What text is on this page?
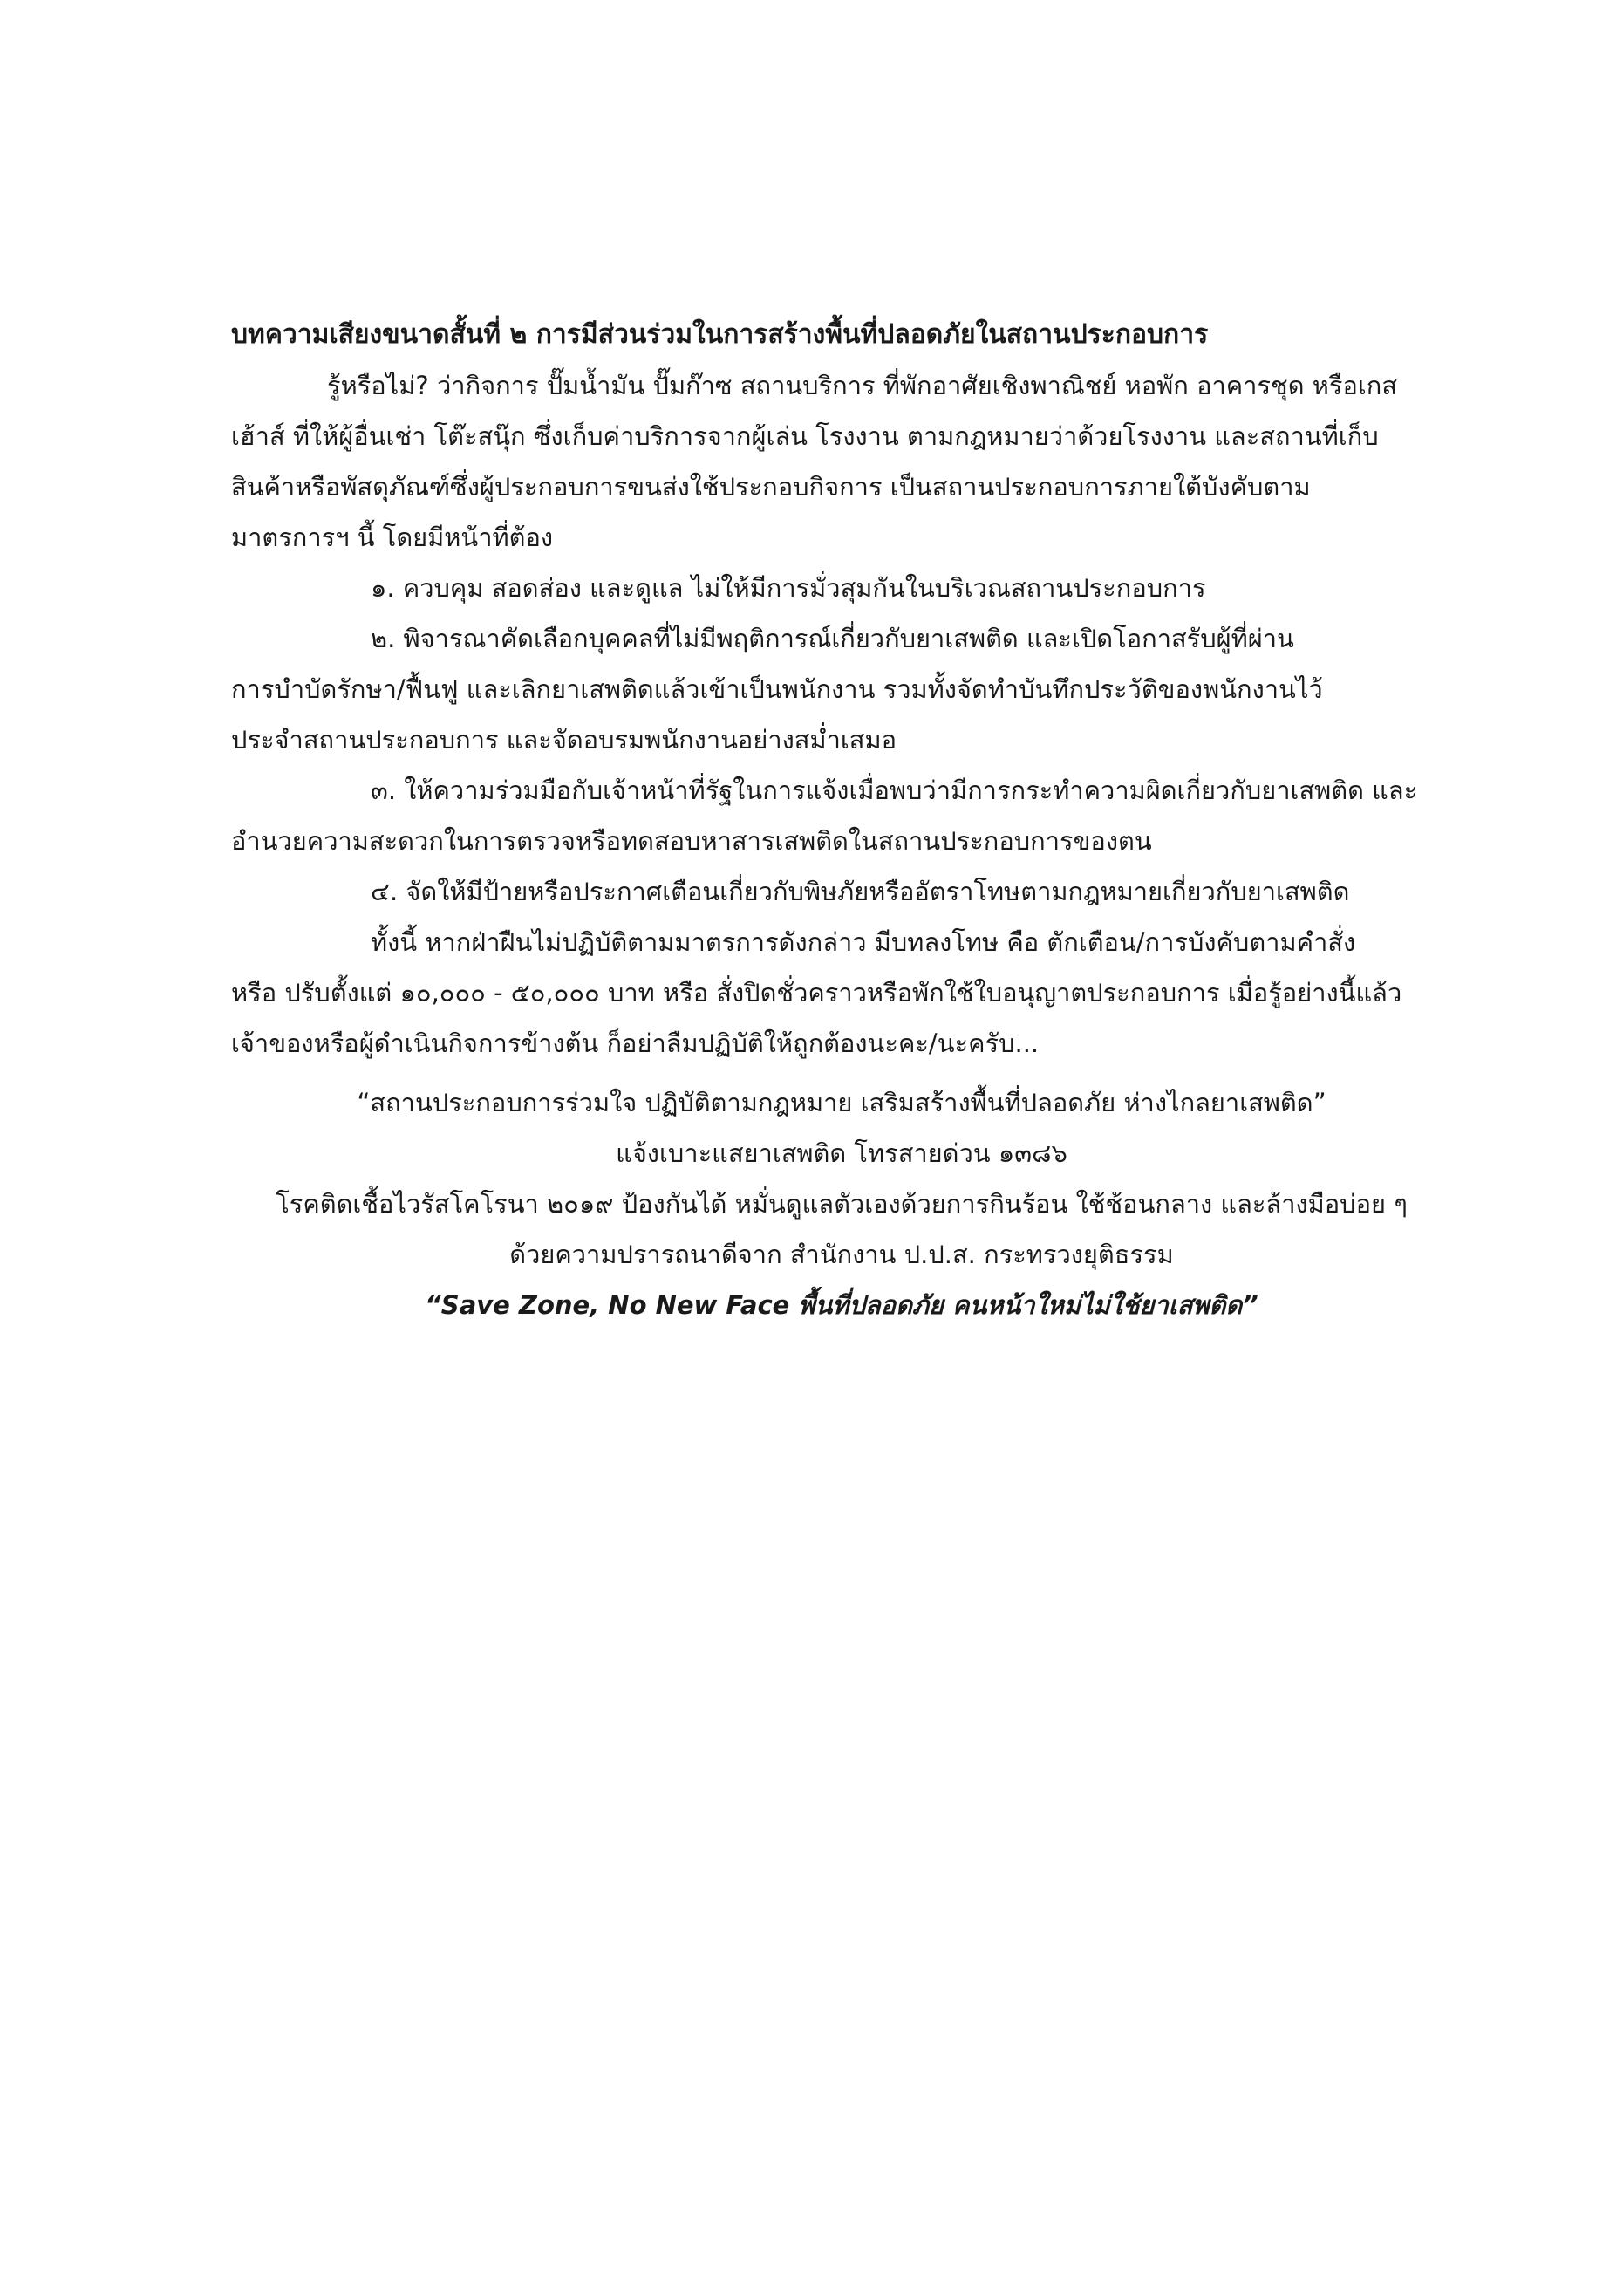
บทความเสียงขนาดสั้นที่ ๒ การมีส่วนร่วมในการสร้างพื้นที่ปลอดภัยในสถานประกอบการ
รู้หรือไม่? ว่ากิจการ ปั๊มน้ำมัน ปั๊มก๊าซ สถานบริการ ที่พักอาศัยเชิงพาณิชย์ หอพัก อาคารชุด หรือเกส
เฮ้าส์ ที่ให้ผู้อื่นเช่า โต๊ะสนุ๊ก ซึ่งเก็บค่าบริการจากผู้เล่น โรงงาน ตามกฎหมายว่าด้วยโรงงาน และสถานที่เก็บ
สินค้าหรือพัสดุภัณฑ์ซึ่งผู้ประกอบการขนส่งใช้ประกอบกิจการ เป็นสถานประกอบการภายใต้บังคับตาม
มาตรการฯ นี้ โดยมีหน้าที่ต้อง
๑. ควบคุม สอดส่อง และดูแล ไม่ให้มีการมั่วสุมกันในบริเวณสถานประกอบการ
๒. พิจารณาคัดเลือกบุคคลที่ไม่มีพฤติการณ์เกี่ยวกับยาเสพติด และเปิดโอกาสรับผู้ที่ผ่าน
การบำบัดรักษา/ฟื้นฟู และเลิกยาเสพติดแล้วเข้าเป็นพนักงาน รวมทั้งจัดทำบันทึกประวัติของพนักงานไว้
ประจำสถานประกอบการ และจัดอบรมพนักงานอย่างสม่ำเสมอ
๓. ให้ความร่วมมือกับเจ้าหน้าที่รัฐในการแจ้งเมื่อพบว่ามีการกระทำความผิดเกี่ยวกับยาเสพติด และ
อำนวยความสะดวกในการตรวจหรือทดสอบหาสารเสพติดในสถานประกอบการของตน
๔. จัดให้มีป้ายหรือประกาศเตือนเกี่ยวกับพิษภัยหรืออัตราโทษตามกฎหมายเกี่ยวกับยาเสพติด
ทั้งนี้ หากฝ่าฝืนไม่ปฏิบัติตามมาตรการดังกล่าว มีบทลงโทษ คือ ตักเตือน/การบังคับตามคำสั่ง
หรือ ปรับตั้งแต่ ๑๐,๐๐๐ - ๕๐,๐๐๐ บาท หรือ สั่งปิดชั่วคราวหรือพักใช้ใบอนุญาตประกอบการ เมื่อรู้อย่างนี้แล้ว
เจ้าของหรือผู้ดำเนินกิจการข้างต้น ก็อย่าลืมปฏิบัติให้ถูกต้องนะคะ/นะครับ...
“สถานประกอบการร่วมใจ ปฏิบัติตามกฎหมาย เสริมสร้างพื้นที่ปลอดภัย ห่างไกลยาเสพติด”
แจ้งเบาะแสยาเสพติด โทรสายด่วน ๑๓๘๖
โรคติดเชื้อไวรัสโคโรนา ๒๐๑๙ ป้องกันได้ หมั่นดูแลตัวเองด้วยการกินร้อน ใช้ช้อนกลาง และล้างมือบ่อย ๆ
ด้วยความปรารถนาดีจาก สำนักงาน ป.ป.ส. กระทรวงยุติธรรม
“Save Zone, No New Face พื้นที่ปลอดภัย คนหน้าใหม่ไม่ใช้ยาเสพติด”
